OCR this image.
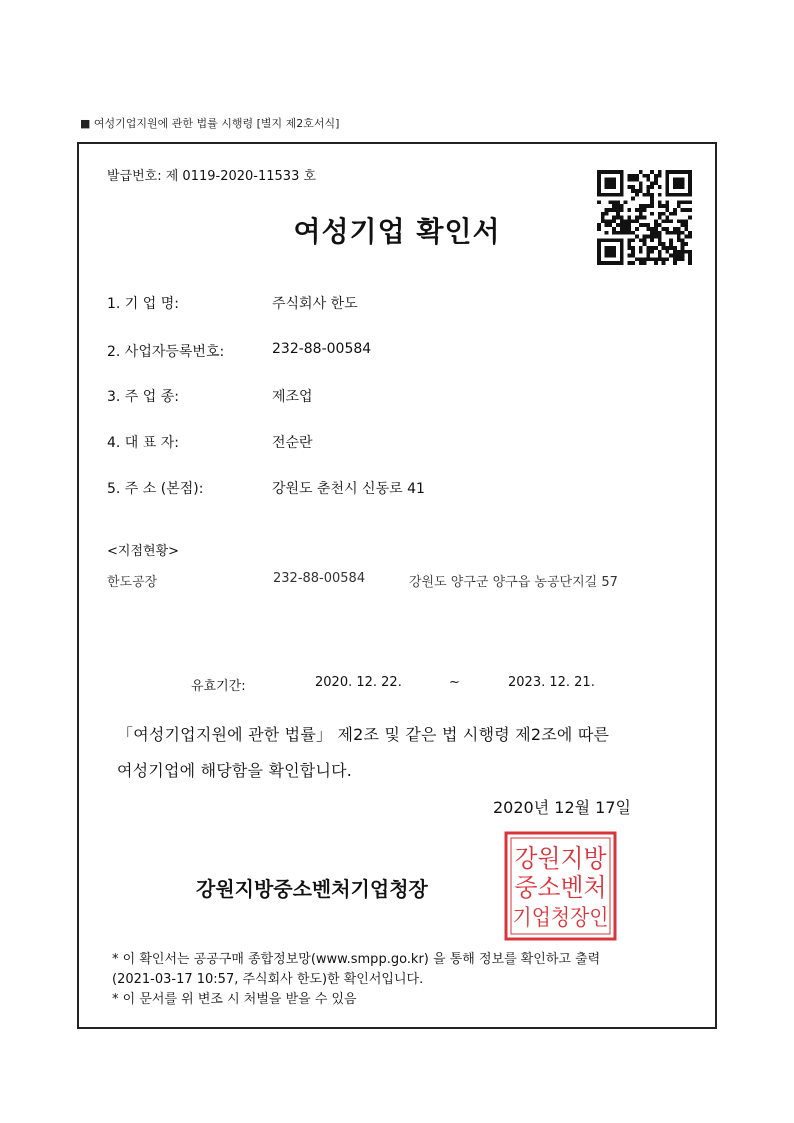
■ 여성기업지원에 관한 법률 시행령 [별지 제2호서식]
발급번호: 제 0119-2020-11533 호
여성기업 확인서
1. 기 업 명:	주식회사 한도
2. 사업자등록번호:	232-88-00584
3. 주 업 종:	제조업
4. 대 표 자:	전순란
5. 주 소 (본점):	강원도 춘천시 신동로 41
<지점현황>
한도공장	232-88-00584	강원도 양구군 양구읍 농공단지길 57
유효기간:	2020. 12. 22.	~	2023. 12. 21.
「여성기업지원에 관한 법률」 제2조 및 같은 법 시행령 제2조에 따른
여성기업에 해당함을 확인합니다.
2020년 12월 17일
강원지방중소벤처기업청장
강원지방
중소벤처
기업청장인
* 이 확인서는 공공구매 종합정보망(www.smpp.go.kr) 을 통해 정보를 확인하고 출력
(2021-03-17 10:57, 주식회사 한도)한 확인서입니다.
* 이 문서를 위 변조 시 처벌을 받을 수 있음
